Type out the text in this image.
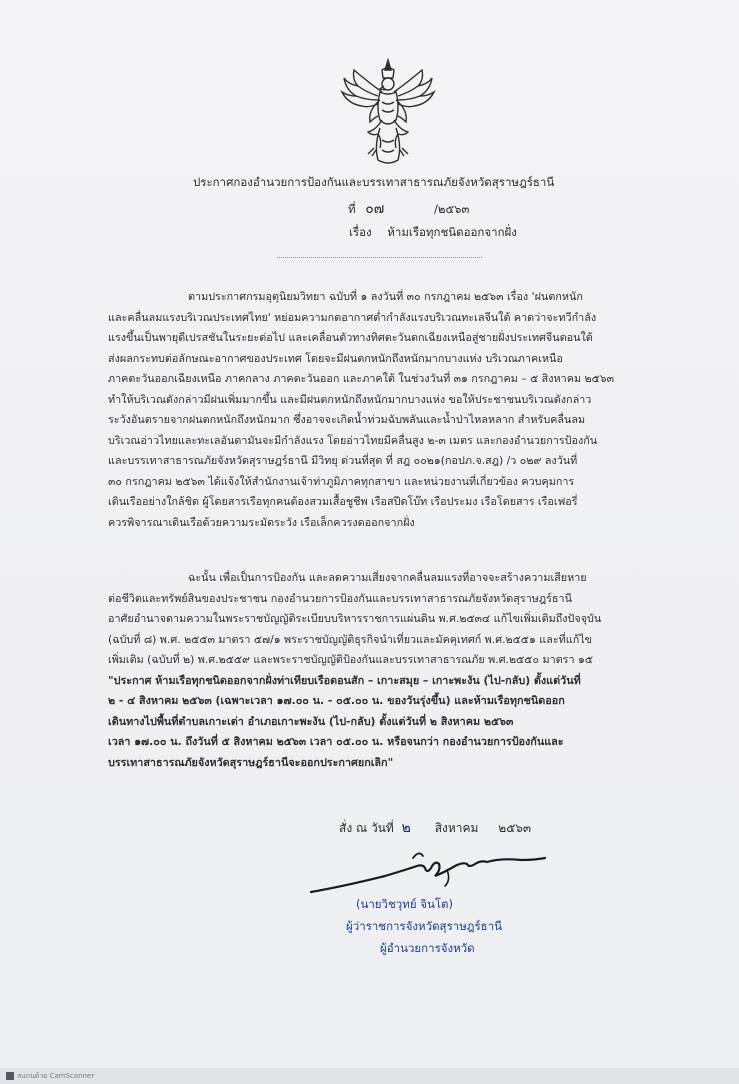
ประกาศกองอำนวยการป้องกันและบรรเทาสาธารณภัยจังหวัดสุราษฎร์ธานี
ที่ ๐๗	/๒๕๖๓
เรื่อง ห้ามเรือทุกชนิดออกจากฝั่ง
ตามประกาศกรมอุตุนิยมวิทยา ฉบับที่ ๑ ลงวันที่ ๓๐ กรกฎาคม ๒๕๖๓ เรื่อง 'ฝนตกหนัก
และคลื่นลมแรงบริเวณประเทศไทย' หย่อมความกดอากาศต่ำกำลังแรงบริเวณทะเลจีนใต้ คาดว่าจะทวีกำลัง
แรงขึ้นเป็นพายุดีเปรสชันในระยะต่อไป และเคลื่อนตัวทางทิศตะวันตกเฉียงเหนือสู่ชายฝั่งประเทศจีนตอนใต้
ส่งผลกระทบต่อลักษณะอากาศของประเทศ โดยจะมีฝนตกหนักถึงหนักมากบางแห่ง บริเวณภาคเหนือ
ภาคตะวันออกเฉียงเหนือ ภาคกลาง ภาคตะวันออก และภาคใต้ ในช่วงวันที่ ๓๑ กรกฎาคม – ๕ สิงหาคม ๒๕๖๓
ทำให้บริเวณดังกล่าวมีฝนเพิ่มมากขึ้น และมีฝนตกหนักถึงหนักมากบางแห่ง ขอให้ประชาชนบริเวณดังกล่าว
ระวังอันตรายจากฝนตกหนักถึงหนักมาก ซึ่งอาจจะเกิดน้ำท่วมฉับพลันและน้ำป่าไหลหลาก สำหรับคลื่นลม
บริเวณอ่าวไทยและทะเลอันดามันจะมีกำลังแรง โดยอ่าวไทยมีคลื่นสูง ๒-๓ เมตร และกองอำนวยการป้องกัน
และบรรเทาสาธารณภัยจังหวัดสุราษฎร์ธานี มีวิทยุ ด่วนที่สุด ที่ สฎ ๐๐๒๑(กอปภ.จ.สฎ) /ว ๐๒๙ ลงวันที่
๓๐ กรกฎาคม ๒๕๖๓ ได้แจ้งให้สำนักงานเจ้าท่าภูมิภาคทุกสาขา และหน่วยงานที่เกี่ยวข้อง ควบคุมการ
เดินเรืออย่างใกล้ชิด ผู้โดยสารเรือทุกคนต้องสวมเสื้อชูชีพ เรือสปีดโบ๊ท เรือประมง เรือโดยสาร เรือเฟอรี่
ควรพิจารณาเดินเรือด้วยความระมัดระวัง เรือเล็กควรงดออกจากฝั่ง
ฉะนั้น เพื่อเป็นการป้องกัน และลดความเสี่ยงจากคลื่นลมแรงที่อาจจะสร้างความเสียหาย
ต่อชีวิตและทรัพย์สินของประชาชน กองอำนวยการป้องกันและบรรเทาสาธารณภัยจังหวัดสุราษฎร์ธานี
อาศัยอำนาจตามความในพระราชบัญญัติระเบียบบริหารราชการแผ่นดิน พ.ศ.๒๕๓๔ แก้ไขเพิ่มเติมถึงปัจจุบัน
(ฉบับที่ ๘) พ.ศ. ๒๕๕๓ มาตรา ๕๗/๑ พระราชบัญญัติธุรกิจนำเที่ยวและมัคคุเทศก์ พ.ศ.๒๕๕๑ และที่แก้ไข
เพิ่มเติม (ฉบับที่ ๒) พ.ศ.๒๕๕๙ และพระราชบัญญัติป้องกันและบรรเทาสาธารณภัย พ.ศ.๒๕๕๐ มาตรา ๑๕
"ประกาศ ห้ามเรือทุกชนิดออกจากฝั่งท่าเทียบเรือดอนสัก – เกาะสมุย – เกาะพะงัน (ไป-กลับ) ตั้งแต่วันที่
๒ - ๔ สิงหาคม ๒๕๖๓ (เฉพาะเวลา ๑๗.๐๐ น. - ๐๕.๐๐ น. ของวันรุ่งขึ้น) และห้ามเรือทุกชนิดออก
เดินทางไปพื้นที่ตำบลเกาะเต่า อำเภอเกาะพะงัน (ไป-กลับ) ตั้งแต่วันที่ ๒ สิงหาคม ๒๕๖๓
เวลา ๑๗.๐๐ น. ถึงวันที่ ๕ สิงหาคม ๒๕๖๓ เวลา ๐๕.๐๐ น. หรือจนกว่า กองอำนวยการป้องกันและ
บรรเทาสาธารณภัยจังหวัดสุราษฎร์ธานีจะออกประกาศยกเลิก"
สั่ง ณ วันที่ ๒ สิงหาคม ๒๕๖๓
(นายวิชวุทย์ จินโต)
ผู้ว่าราชการจังหวัดสุราษฎร์ธานี
ผู้อำนวยการจังหวัด
สแกนด้วย CamScanner
